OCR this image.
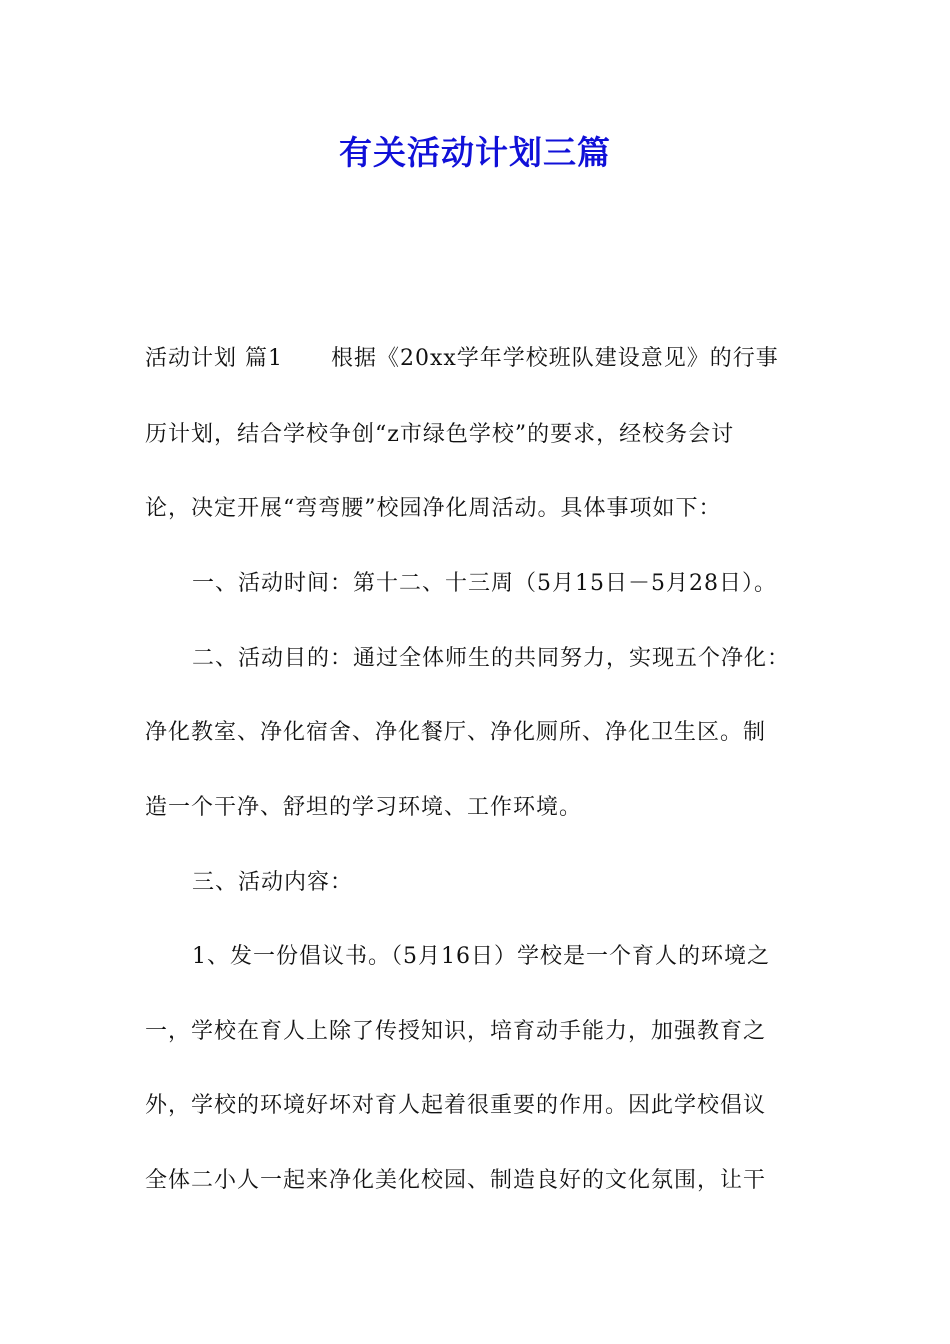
有关活动计划三篇
活动计划 篇1      根据《20xx学年学校班队建设意见》的行事
历计划，结合学校争创“z市绿色学校”的要求，经校务会讨
论，决定开展“弯弯腰”校园净化周活动。具体事项如下：
一、活动时间：第十二、十三周（5月15日－5月28日）。
二、活动目的：通过全体师生的共同努力，实现五个净化：
净化教室、净化宿舍、净化餐厅、净化厕所、净化卫生区。制
造一个干净、舒坦的学习环境、工作环境。
三、活动内容：
1、发一份倡议书。（5月16日）学校是一个育人的环境之
一，学校在育人上除了传授知识，培育动手能力，加强教育之
外，学校的环境好坏对育人起着很重要的作用。因此学校倡议
全体二小人一起来净化美化校园、制造良好的文化氛围，让干
